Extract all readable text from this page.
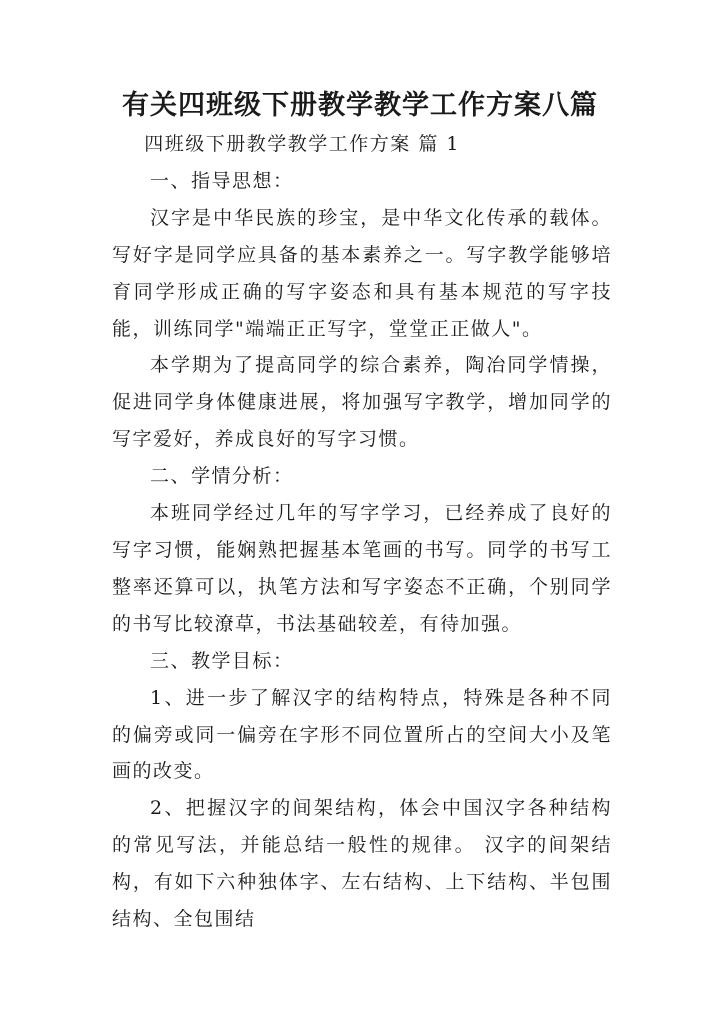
有关四班级下册教学教学工作方案八篇

四班级下册教学教学工作方案 篇 1

一、指导思想：

汉字是中华民族的珍宝，是中华文化传承的载体。写好字是同学应具备的基本素养之一。写字教学能够培育同学形成正确的写字姿态和具有基本规范的写字技能，训练同学"端端正正写字，堂堂正正做人"。

本学期为了提高同学的综合素养，陶冶同学情操，促进同学身体健康进展，将加强写字教学，增加同学的写字爱好，养成良好的写字习惯。

二、学情分析：

本班同学经过几年的写字学习，已经养成了良好的写字习惯，能娴熟把握基本笔画的书写。同学的书写工整率还算可以，执笔方法和写字姿态不正确，个别同学的书写比较潦草，书法基础较差，有待加强。

三、教学目标：

1、进一步了解汉字的结构特点，特殊是各种不同的偏旁或同一偏旁在字形不同位置所占的空间大小及笔画的改变。

2、把握汉字的间架结构，体会中国汉字各种结构的常见写法，并能总结一般性的规律。 汉字的间架结构，有如下六种独体字、左右结构、上下结构、半包围结构、全包围结
